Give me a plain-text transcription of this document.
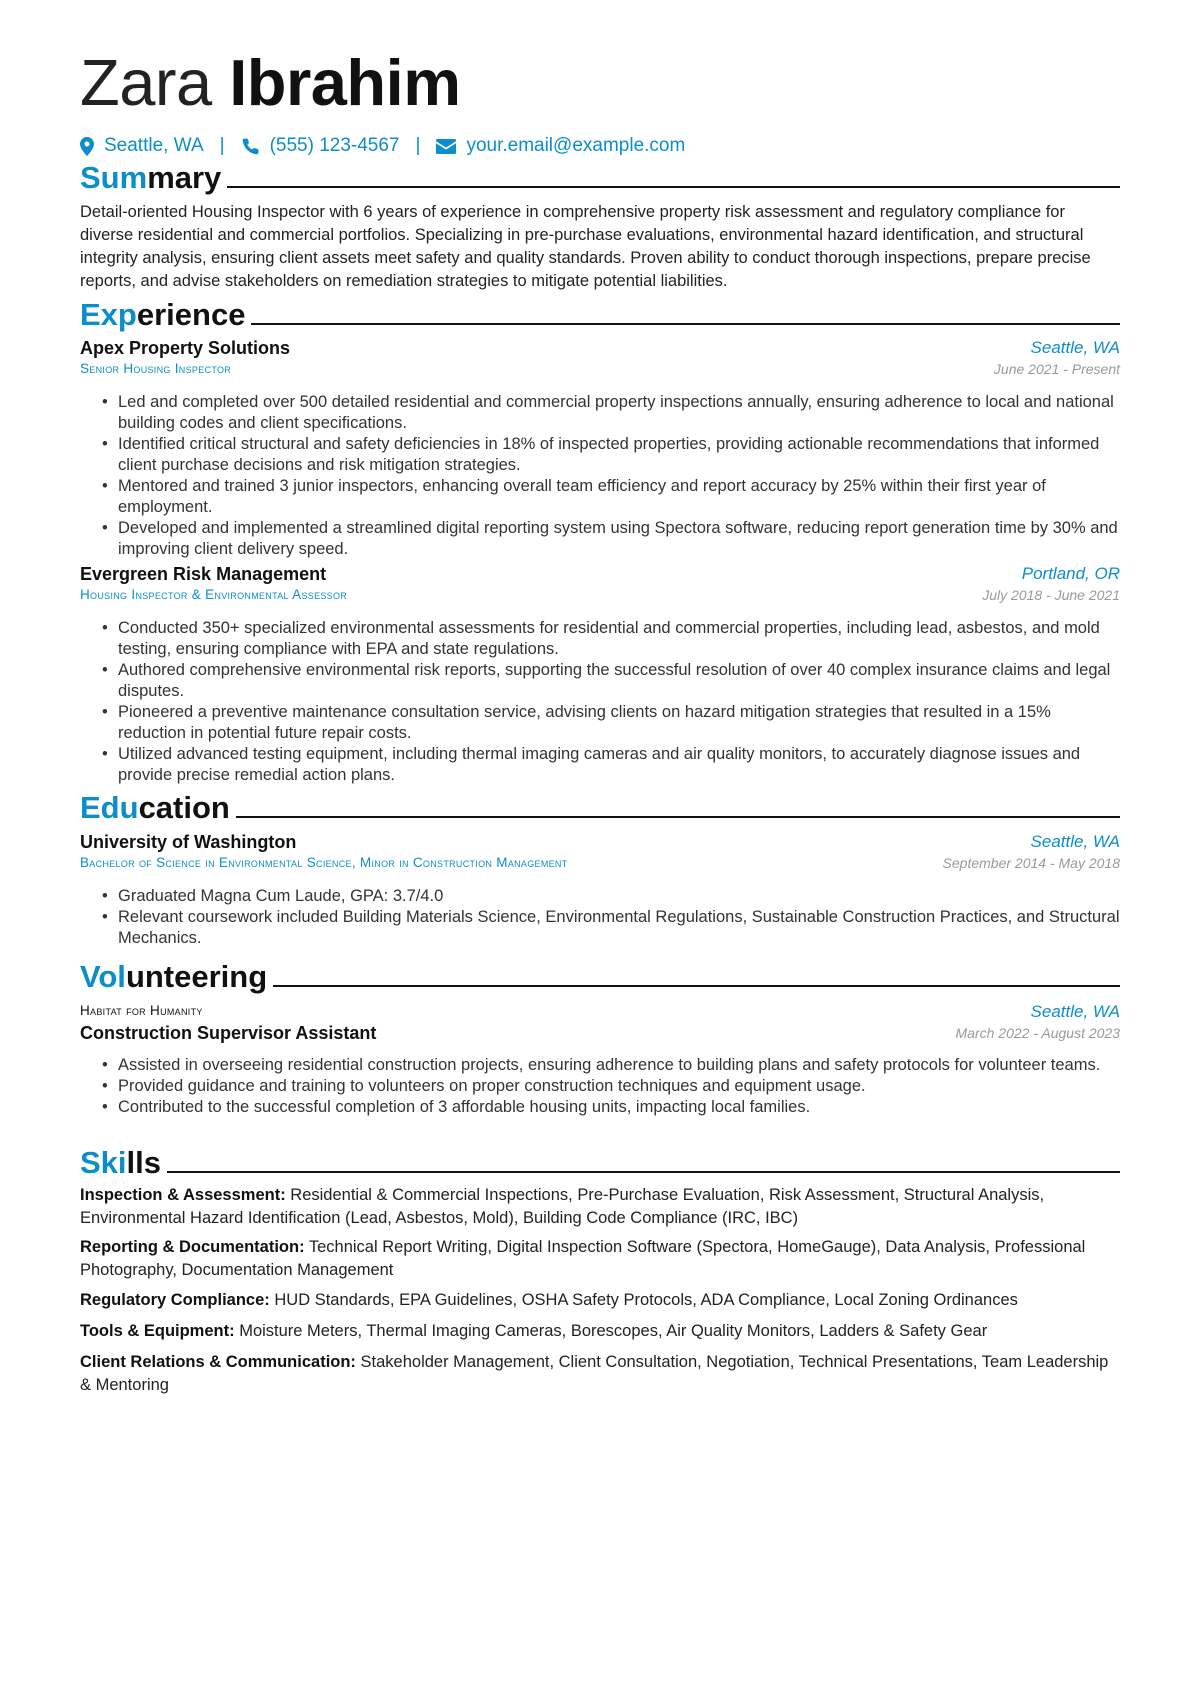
Zara Ibrahim
Seattle, WA | (555) 123-4567 | your.email@example.com
Summary

Detail-oriented Housing Inspector with 6 years of experience in comprehensive property risk assessment and regulatory compliance for diverse residential and commercial portfolios. Specializing in pre-purchase evaluations, environmental hazard identification, and structural integrity analysis, ensuring client assets meet safety and quality standards. Proven ability to conduct thorough inspections, prepare precise reports, and advise stakeholders on remediation strategies to mitigate potential liabilities.

Experience
Apex Property Solutions	Seattle, WA
Senior Housing Inspector	June 2021 - Present
• Led and completed over 500 detailed residential and commercial property inspections annually, ensuring adherence to local and national building codes and client specifications.
• Identified critical structural and safety deficiencies in 18% of inspected properties, providing actionable recommendations that informed client purchase decisions and risk mitigation strategies.
• Mentored and trained 3 junior inspectors, enhancing overall team efficiency and report accuracy by 25% within their first year of employment.
• Developed and implemented a streamlined digital reporting system using Spectora software, reducing report generation time by 30% and improving client delivery speed.
Evergreen Risk Management	Portland, OR
Housing Inspector & Environmental Assessor	July 2018 - June 2021
• Conducted 350+ specialized environmental assessments for residential and commercial properties, including lead, asbestos, and mold testing, ensuring compliance with EPA and state regulations.
• Authored comprehensive environmental risk reports, supporting the successful resolution of over 40 complex insurance claims and legal disputes.
• Pioneered a preventive maintenance consultation service, advising clients on hazard mitigation strategies that resulted in a 15% reduction in potential future repair costs.
• Utilized advanced testing equipment, including thermal imaging cameras and air quality monitors, to accurately diagnose issues and provide precise remedial action plans.
Education
University of Washington	Seattle, WA
Bachelor of Science in Environmental Science, Minor in Construction Management	September 2014 - May 2018
• Graduated Magna Cum Laude, GPA: 3.7/4.0
• Relevant coursework included Building Materials Science, Environmental Regulations, Sustainable Construction Practices, and Structural Mechanics.
Volunteering
Habitat for Humanity	Seattle, WA
Construction Supervisor Assistant	March 2022 - August 2023
• Assisted in overseeing residential construction projects, ensuring adherence to building plans and safety protocols for volunteer teams.
• Provided guidance and training to volunteers on proper construction techniques and equipment usage.
• Contributed to the successful completion of 3 affordable housing units, impacting local families.
Skills

Inspection & Assessment: Residential & Commercial Inspections, Pre-Purchase Evaluation, Risk Assessment, Structural Analysis, Environmental Hazard Identification (Lead, Asbestos, Mold), Building Code Compliance (IRC, IBC)

Reporting & Documentation: Technical Report Writing, Digital Inspection Software (Spectora, HomeGauge), Data Analysis, Professional Photography, Documentation Management

Regulatory Compliance: HUD Standards, EPA Guidelines, OSHA Safety Protocols, ADA Compliance, Local Zoning Ordinances

Tools & Equipment: Moisture Meters, Thermal Imaging Cameras, Borescopes, Air Quality Monitors, Ladders & Safety Gear

Client Relations & Communication: Stakeholder Management, Client Consultation, Negotiation, Technical Presentations, Team Leadership & Mentoring
